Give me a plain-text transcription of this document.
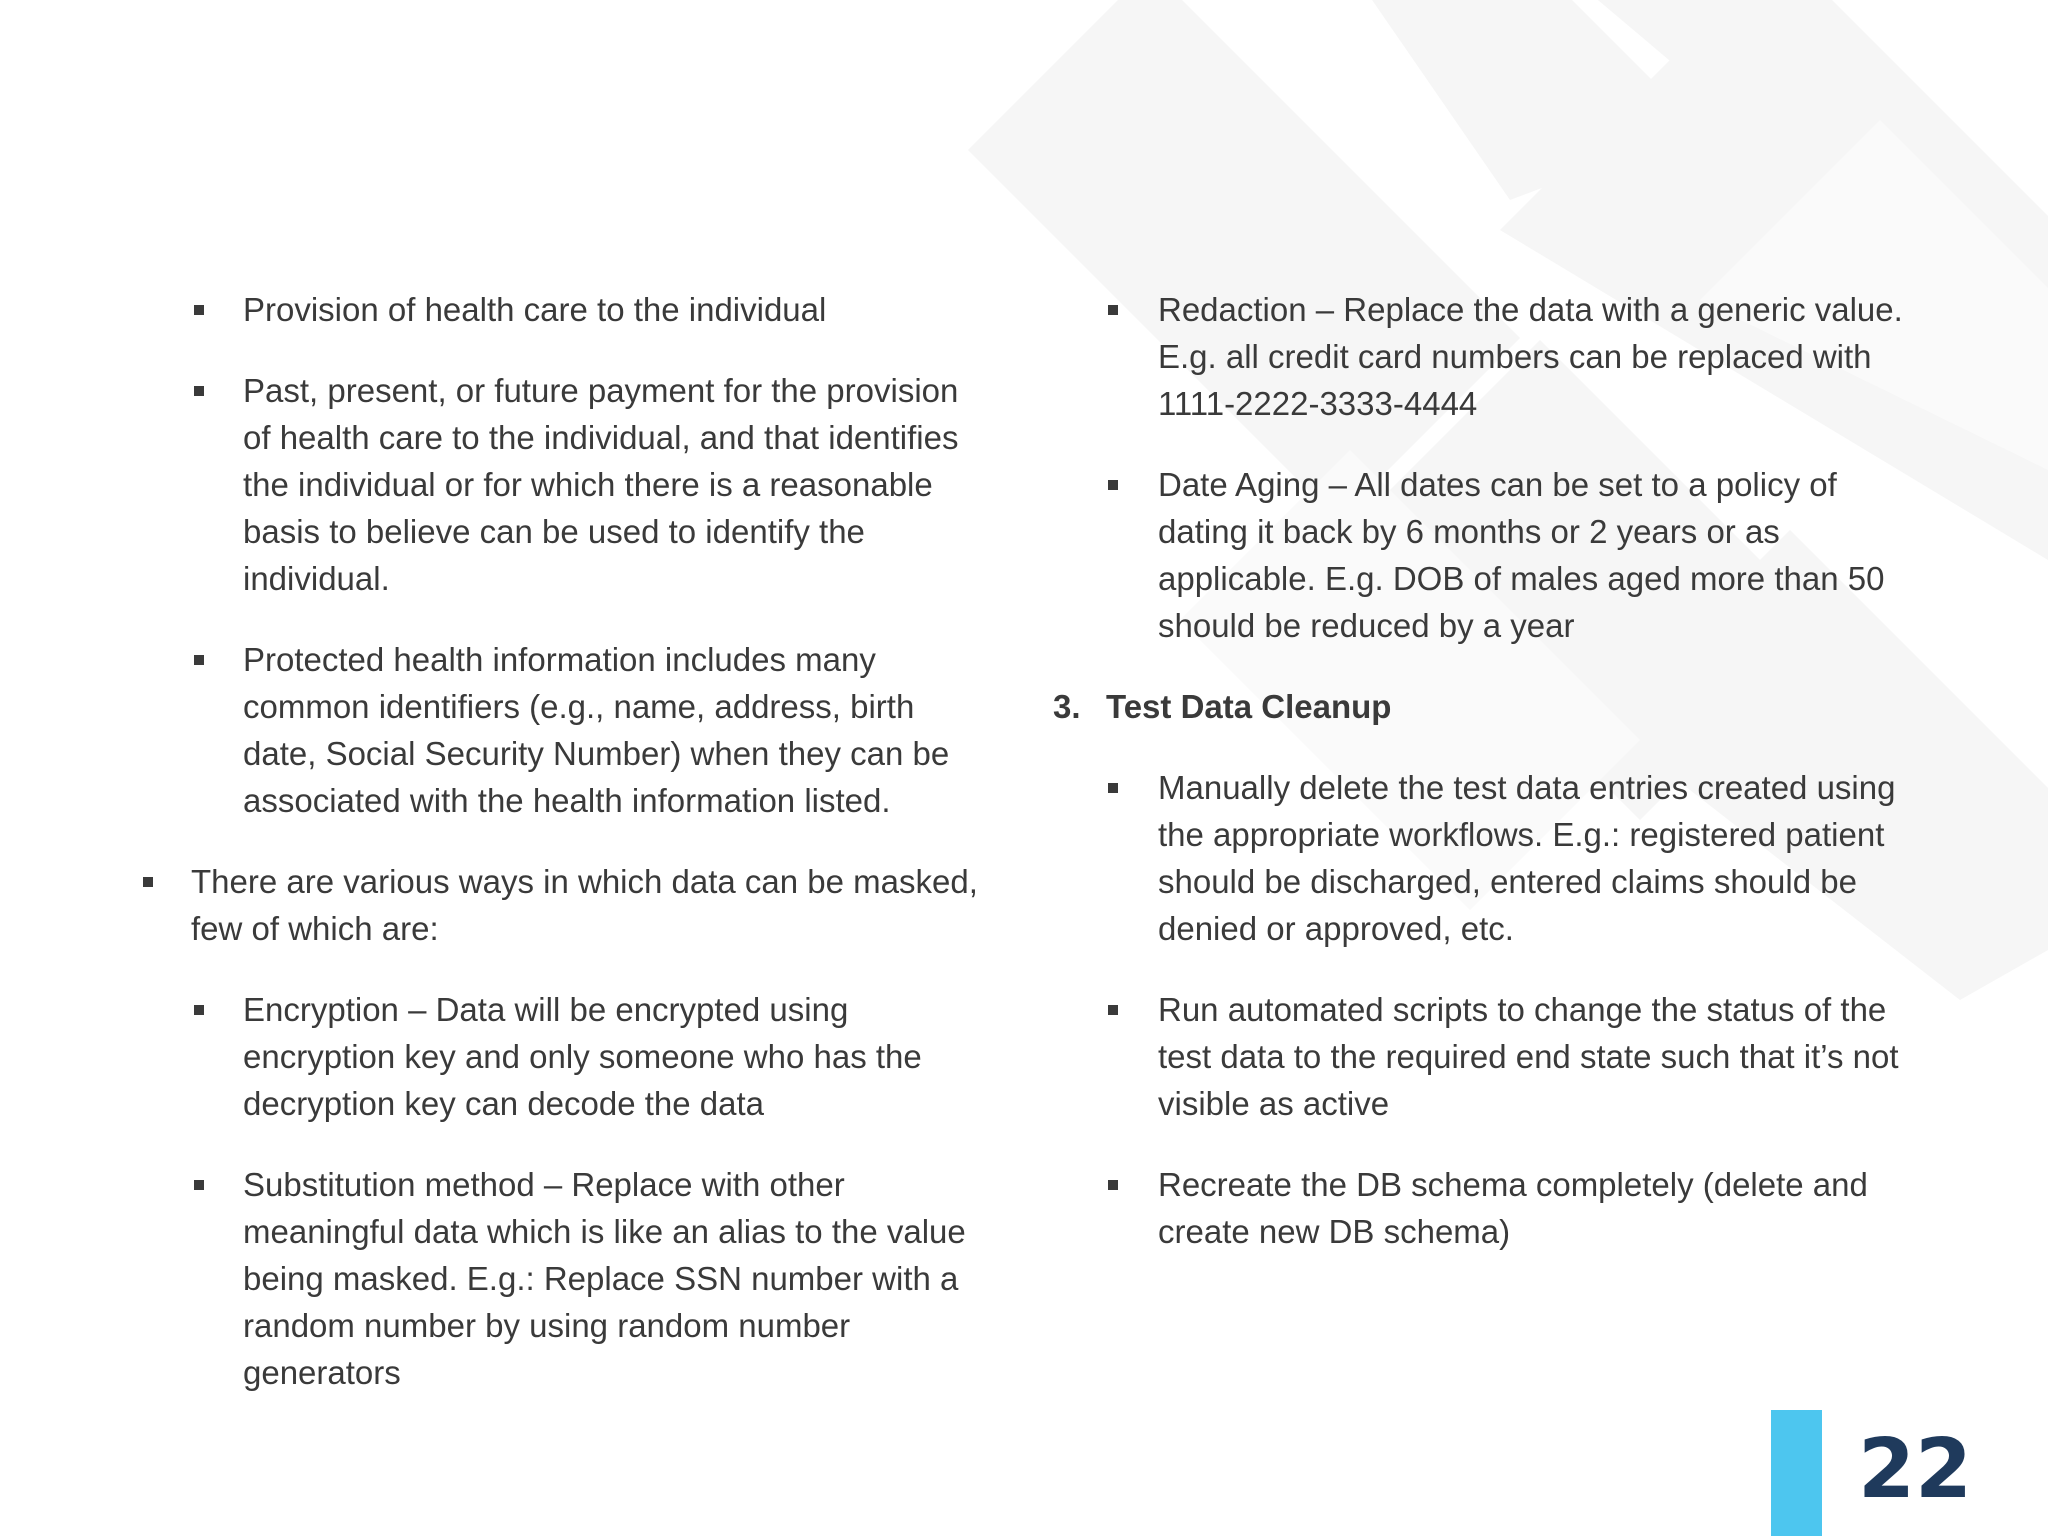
Provision of health care to the individual
Past, present, or future payment for the provision of health care to the individual, and that identifies the individual or for which there is a reasonable basis to believe can be used to identify the individual.
Protected health information includes many common identifiers (e.g., name, address, birth date, Social Security Number) when they can be associated with the health information listed.
There are various ways in which data can be masked, few of which are:
Encryption – Data will be encrypted using encryption key and only someone who has the decryption key can decode the data
Substitution method – Replace with other meaningful data which is like an alias to the value being masked. E.g.: Replace SSN number with a random number by using random number generators
Redaction – Replace the data with a generic value. E.g. all credit card numbers can be replaced with 1111-2222-3333-4444
Date Aging – All dates can be set to a policy of dating it back by 6 months or 2 years or as applicable. E.g. DOB of males aged more than 50 should be reduced by a year
3. Test Data Cleanup
Manually delete the test data entries created using the appropriate workflows. E.g.: registered patient should be discharged, entered claims should be denied or approved, etc.
Run automated scripts to change the status of the test data to the required end state such that it’s not visible as active
Recreate the DB schema completely (delete and create new DB schema)
22
